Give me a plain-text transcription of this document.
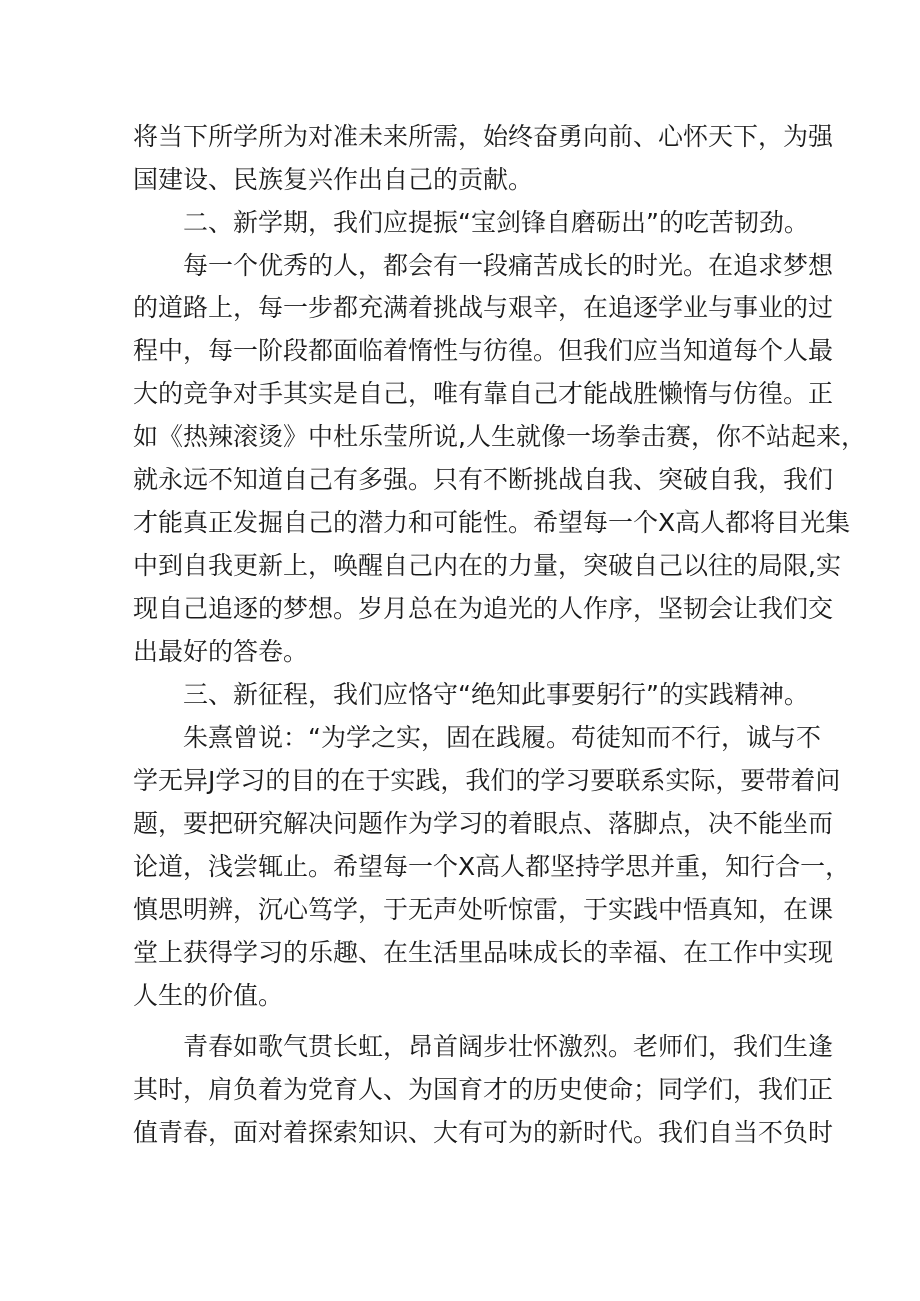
将当下所学所为对准未来所需，始终奋勇向前、心怀天下，为强
国建设、民族复兴作出自己的贡献。
二、新学期，我们应提振“宝剑锋自磨砺出”的吃苦韧劲。
每一个优秀的人，都会有一段痛苦成长的时光。在追求梦想
的道路上，每一步都充满着挑战与艰辛，在追逐学业与事业的过
程中，每一阶段都面临着惰性与彷徨。但我们应当知道每个人最
大的竞争对手其实是自己，唯有靠自己才能战胜懒惰与仿徨。正
如《热辣滚烫》中杜乐莹所说,人生就像一场拳击赛，你不站起来，
就永远不知道自己有多强。只有不断挑战自我、突破自我，我们
才能真正发掘自己的潜力和可能性。希望每一个X高人都将目光集
中到自我更新上，唤醒自己内在的力量，突破自己以往的局限,实
现自己追逐的梦想。岁月总在为追光的人作序，坚韧会让我们交
出最好的答卷。
三、新征程，我们应恪守“绝知此事要躬行”的实践精神。
朱熹曾说：“为学之实，固在践履。苟徒知而不行，诚与不
学无异J学习的目的在于实践，我们的学习要联系实际，要带着问
题，要把研究解决问题作为学习的着眼点、落脚点，决不能坐而
论道，浅尝辄止。希望每一个X高人都坚持学思并重，知行合一，
慎思明辨，沉心笃学，于无声处听惊雷，于实践中悟真知，在课
堂上获得学习的乐趣、在生活里品味成长的幸福、在工作中实现
人生的价值。
青春如歌气贯长虹，昂首阔步壮怀激烈。老师们，我们生逢
其时，肩负着为党育人、为国育才的历史使命；同学们，我们正
值青春，面对着探索知识、大有可为的新时代。我们自当不负时
